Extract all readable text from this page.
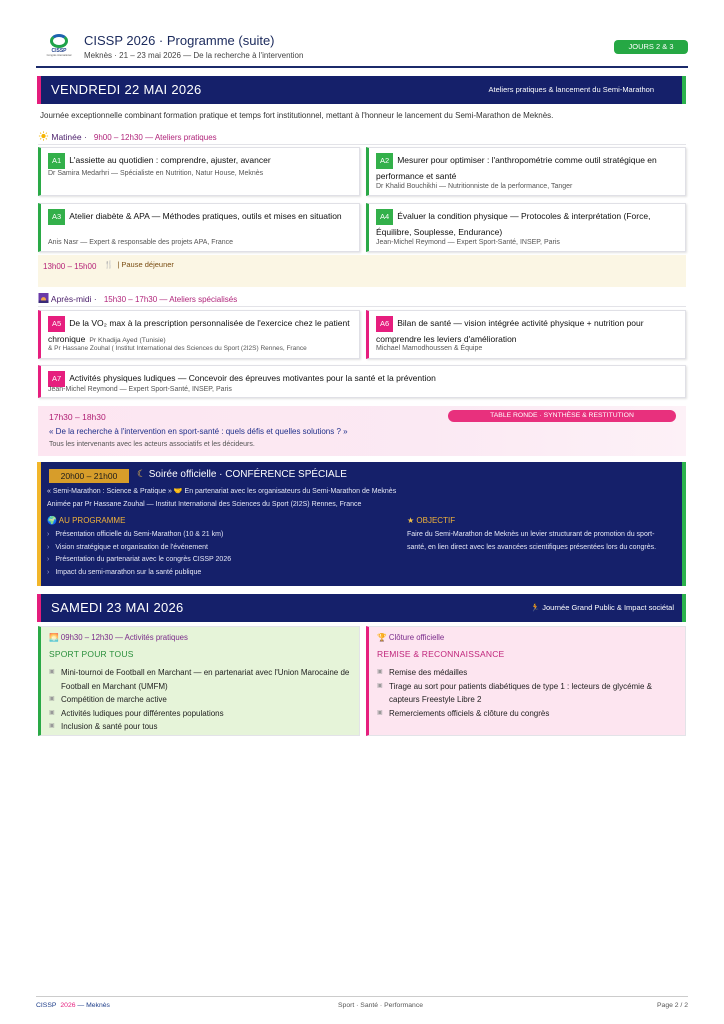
CISSP
Congrès international
CISSP 2026 · Programme (suite)
Meknès · 21 – 23 mai 2026 — De la recherche à l'intervention
JOURS 2 & 3
VENDREDI 22 MAI 2026	Ateliers pratiques & lancement du Semi-Marathon
Journée exceptionnelle combinant formation pratique et temps fort institutionnel, mettant à l'honneur le lancement du Semi-Marathon de Meknès.
Matinée · 9h00 – 12h30 — Ateliers pratiques
A1 L'assiette au quotidien : comprendre, ajuster, avancer
Dr Samira Medarhri — Spécialiste en Nutrition, Natur House, Meknès
A2 Mesurer pour optimiser : l'anthropométrie comme outil stratégique en performance et santé
Dr Khalid Bouchikhi — Nutritionniste de la performance, Tanger
A3 Atelier diabète & APA — Méthodes pratiques, outils et mises en situation
Anis Nasr — Expert & responsable des projets APA, France
A4 Évaluer la condition physique — Protocoles & interprétation (Force, Équilibre, Souplesse, Endurance)
Jean-Michel Reymond — Expert Sport-Santé, INSEP, Paris
13h00 – 15h00	🍴 | Pause déjeuner
Après-midi · 15h30 – 17h30 — Ateliers spécialisés
A5 De la VO₂ max à la prescription personnalisée de l'exercice chez le patient chronique Pr Khadija Ayed (Tunisie)
& Pr Hassane Zouhal ( Institut International des Sciences du Sport (2I2S) Rennes, France
A6 Bilan de santé — vision intégrée activité physique + nutrition pour comprendre les leviers d'amélioration
Michael Mamodhoussen & Équipe
A7 Activités physiques ludiques — Concevoir des épreuves motivantes pour la santé et la prévention
Jean-Michel Reymond — Expert Sport-Santé, INSEP, Paris
17h30 – 18h30	TABLE RONDE · SYNTHÈSE & RESTITUTION
« De la recherche à l'intervention en sport-santé : quels défis et quelles solutions ? »
Tous les intervenants avec les acteurs associatifs et les décideurs.
20h00 – 21h00	☾ Soirée officielle · CONFÉRENCE SPÉCIALE
« Semi-Marathon : Science & Pratique » 🤝 En partenariat avec les organisateurs du Semi-Marathon de Meknès
Animée par Pr Hassane Zouhal — Institut International des Sciences du Sport (2I2S) Rennes, France
🌍 AU PROGRAMME
› Présentation officielle du Semi-Marathon (10 & 21 km)
› Vision stratégique et organisation de l'événement
› Présentation du partenariat avec le congrès CISSP 2026
› Impact du semi-marathon sur la santé publique
★ OBJECTIF
Faire du Semi-Marathon de Meknès un levier structurant de promotion du sport-santé, en lien direct avec les avancées scientifiques présentées lors du congrès.
SAMEDI 23 MAI 2026	🏃 Journée Grand Public & Impact sociétal
🌅 09h30 – 12h30 — Activités pratiques
SPORT POUR TOUS
▣ Mini-tournoi de Football en Marchant — en partenariat avec l'Union Marocaine de Football en Marchant (UMFM)
▣ Compétition de marche active
▣ Activités ludiques pour différentes populations
▣ Inclusion & santé pour tous
🏆 Clôture officielle
REMISE & RECONNAISSANCE
▣ Remise des médailles
▣ Tirage au sort pour patients diabétiques de type 1 : lecteurs de glycémie & capteurs Freestyle Libre 2
▣ Remerciements officiels & clôture du congrès
CISSP 2026 — Meknès	Sport · Santé · Performance	Page 2 / 2
